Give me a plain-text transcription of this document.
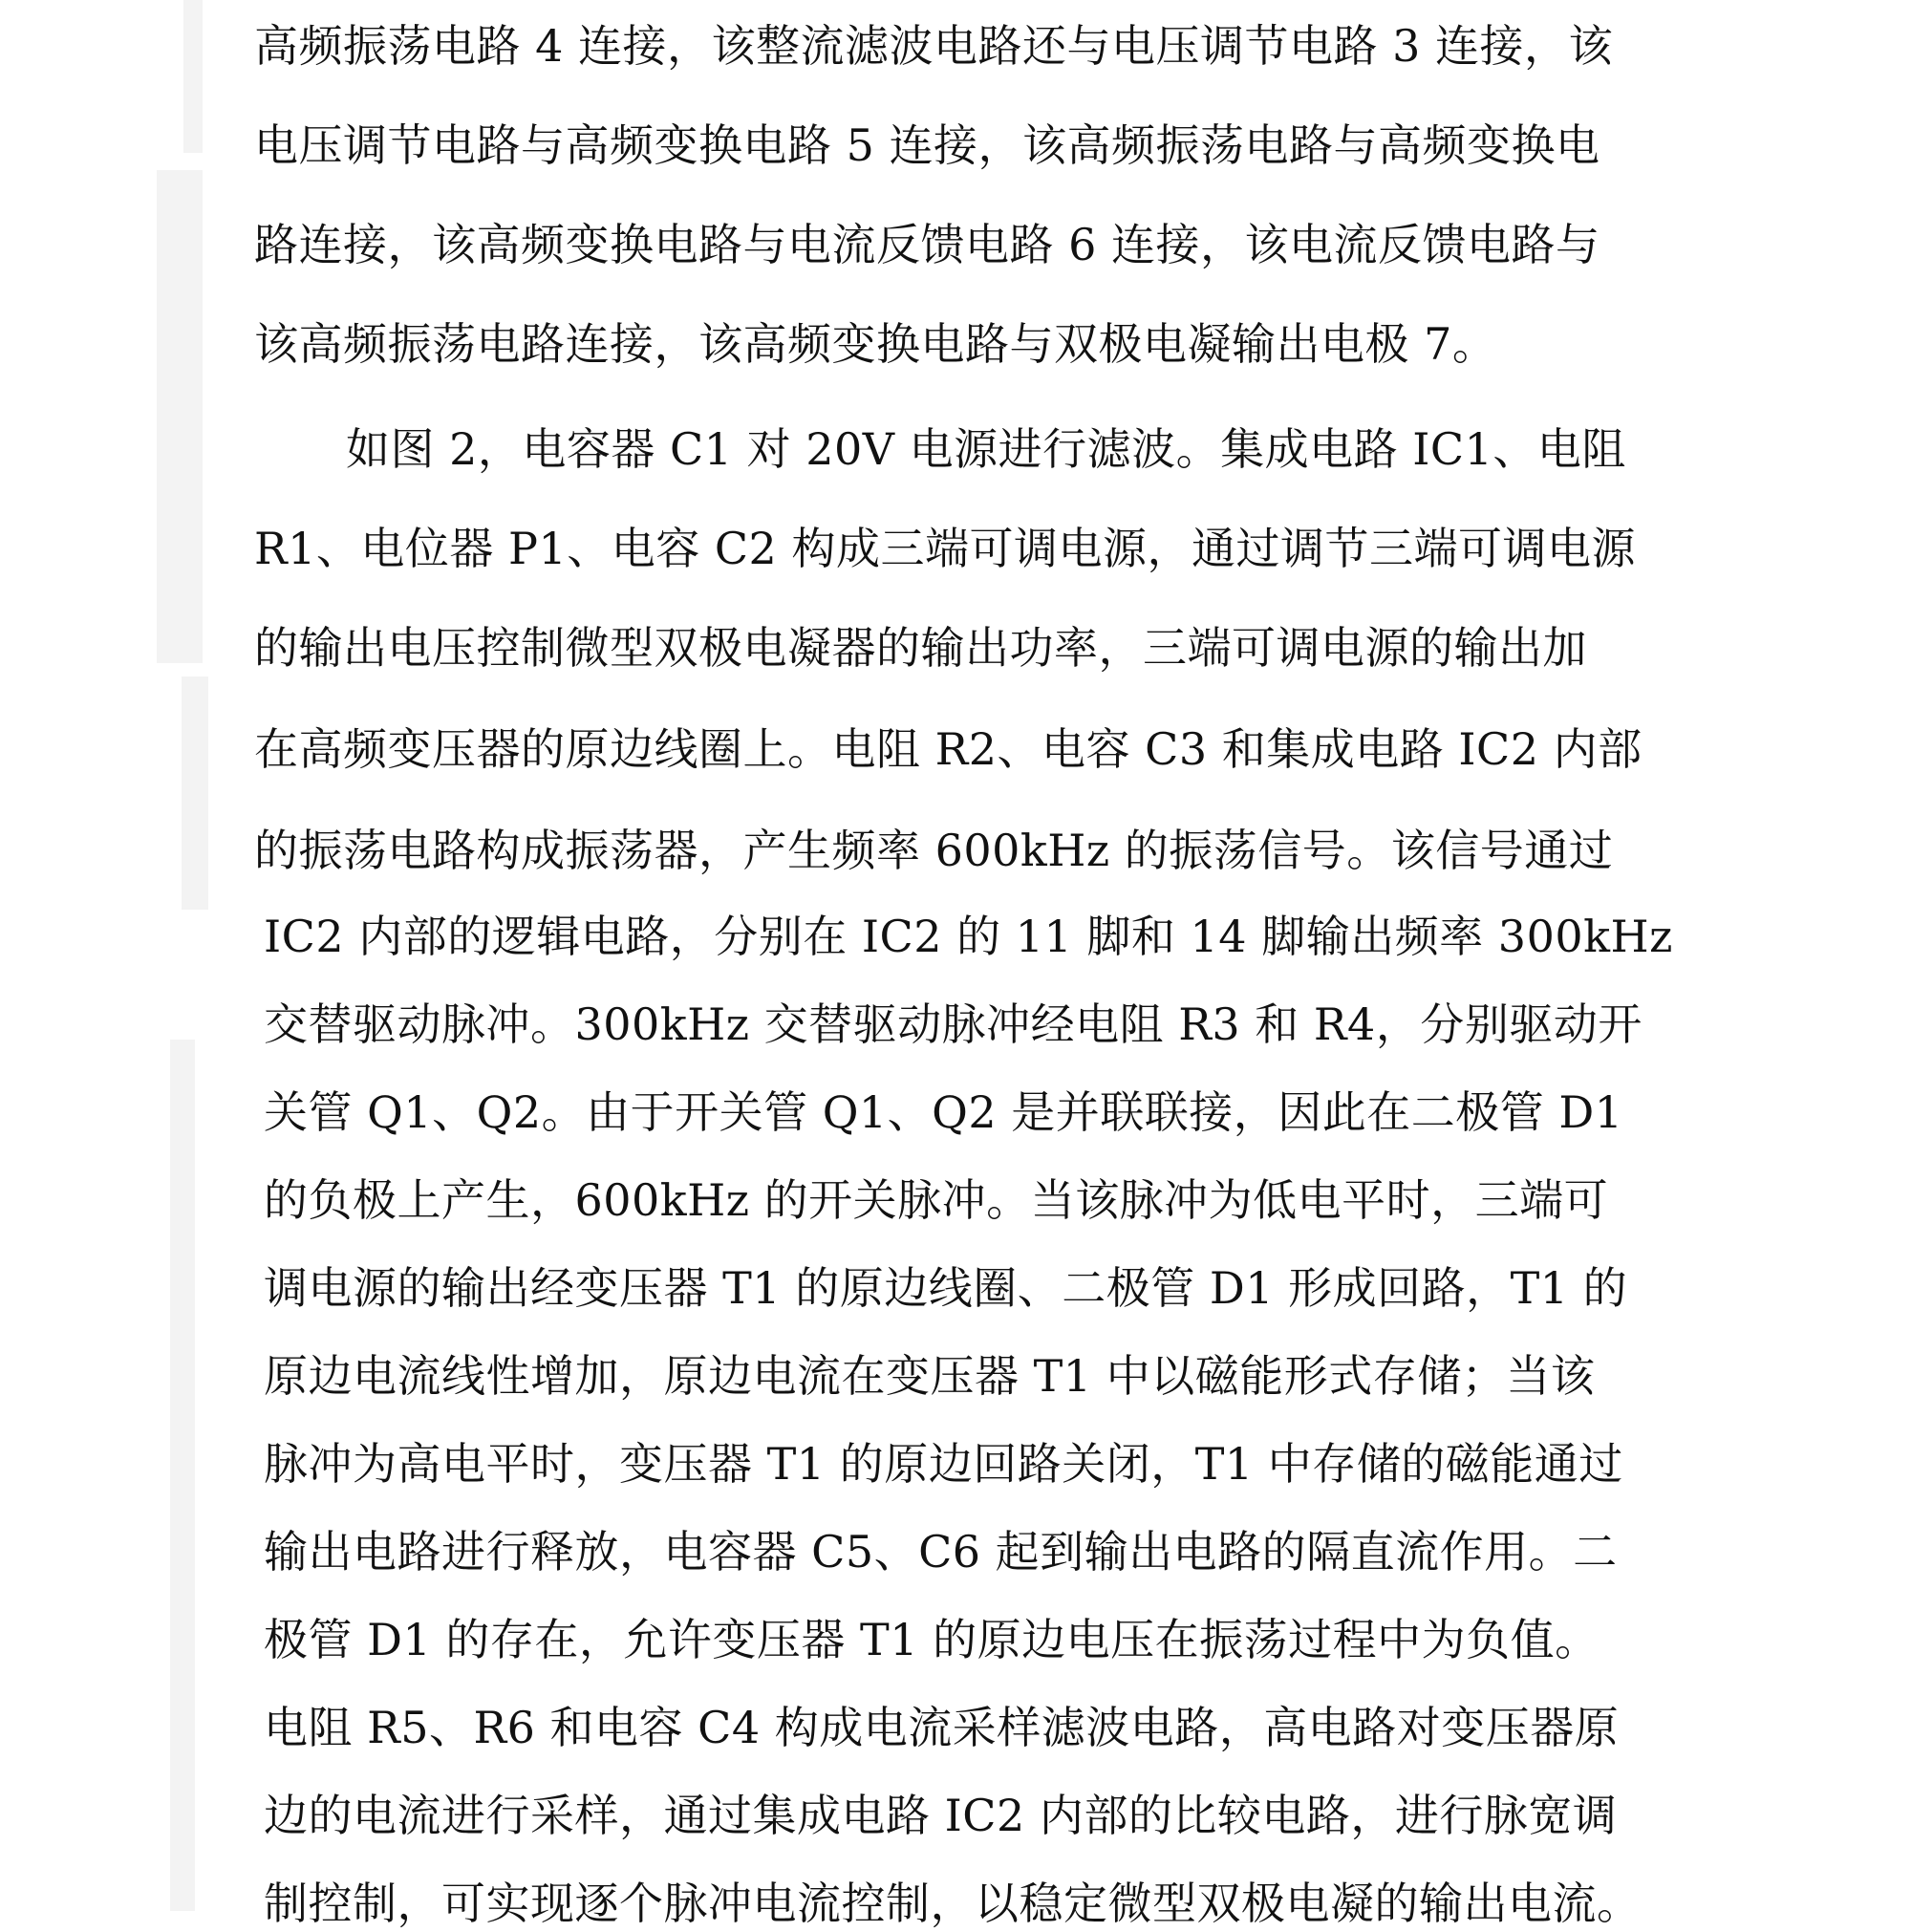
高频振荡电路 4 连接，该整流滤波电路还与电压调节电路 3 连接，该
电压调节电路与高频变换电路 5 连接，该高频振荡电路与高频变换电
路连接，该高频变换电路与电流反馈电路 6 连接，该电流反馈电路与
该高频振荡电路连接，该高频变换电路与双极电凝输出电极 7。
如图 2，电容器 C1 对 20V 电源进行滤波。集成电路 IC1、电阻
R1、电位器 P1、电容 C2 构成三端可调电源，通过调节三端可调电源
的输出电压控制微型双极电凝器的输出功率，三端可调电源的输出加
在高频变压器的原边线圈上。电阻 R2、电容 C3 和集成电路 IC2 内部
的振荡电路构成振荡器，产生频率 600kHz 的振荡信号。该信号通过
IC2 内部的逻辑电路，分别在 IC2 的 11 脚和 14 脚输出频率 300kHz
交替驱动脉冲。300kHz 交替驱动脉冲经电阻 R3 和 R4，分别驱动开
关管 Q1、Q2。由于开关管 Q1、Q2 是并联联接，因此在二极管 D1
的负极上产生，600kHz 的开关脉冲。当该脉冲为低电平时，三端可
调电源的输出经变压器 T1 的原边线圈、二极管 D1 形成回路，T1 的
原边电流线性增加，原边电流在变压器 T1 中以磁能形式存储；当该
脉冲为高电平时，变压器 T1 的原边回路关闭，T1 中存储的磁能通过
输出电路进行释放，电容器 C5、C6 起到输出电路的隔直流作用。二
极管 D1 的存在，允许变压器 T1 的原边电压在振荡过程中为负值。
电阻 R5、R6 和电容 C4 构成电流采样滤波电路，高电路对变压器原
边的电流进行采样，通过集成电路 IC2 内部的比较电路，进行脉宽调
制控制，可实现逐个脉冲电流控制，以稳定微型双极电凝的输出电流。
